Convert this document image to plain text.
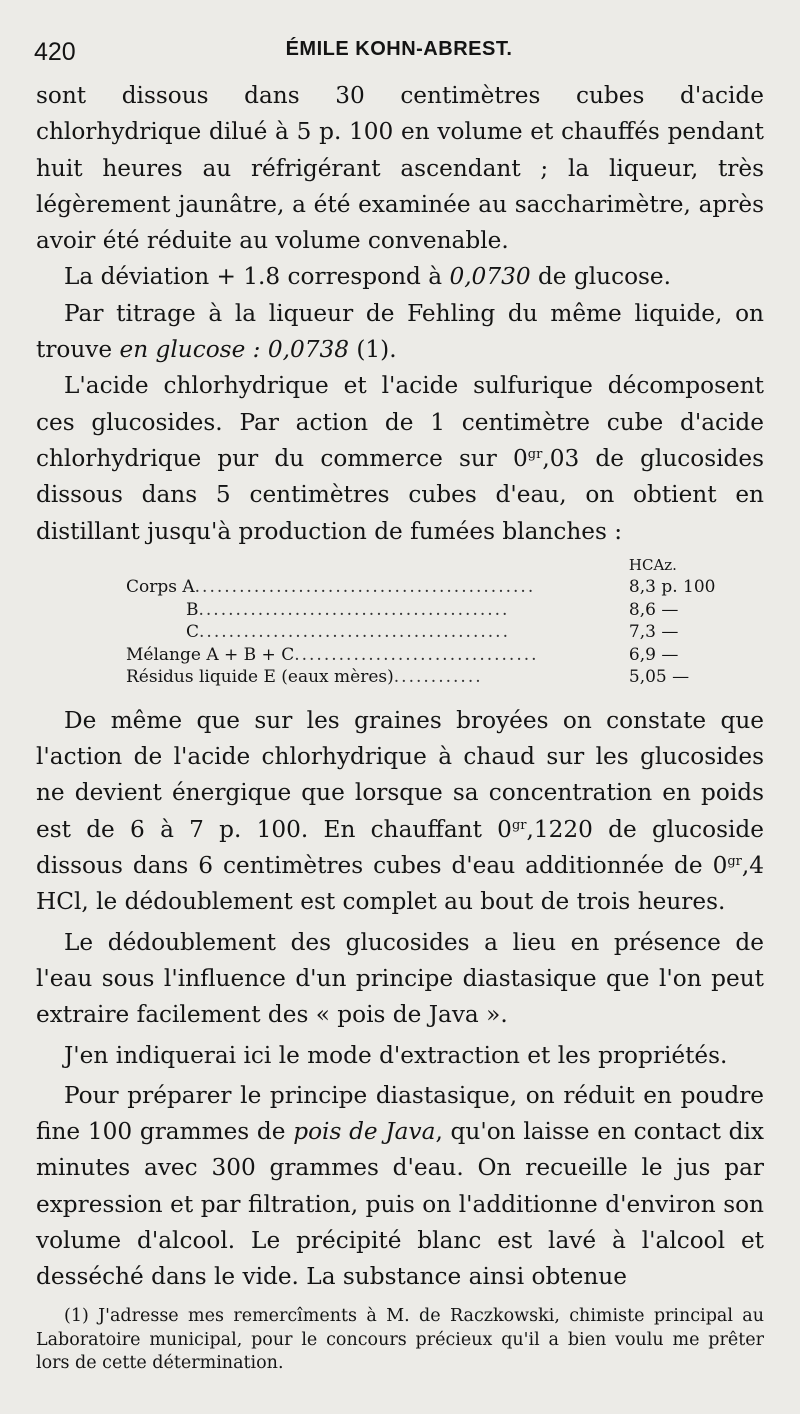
420	ÉMILE KOHN-ABREST.

sont dissous dans 30 centimètres cubes d'acide chlorhydrique dilué à 5 p. 100 en volume et chauffés pendant huit heures au réfrigérant ascendant ; la liqueur, très légèrement jaunâtre, a été examinée au saccharimètre, après avoir été réduite au volume convenable.

La déviation + 1.8 correspond à 0,0730 de glucose.

Par titrage à la liqueur de Fehling du même liquide, on trouve en glucose : 0,0738 (1).

L'acide chlorhydrique et l'acide sulfurique décomposent ces glucosides. Par action de 1 centimètre cube d'acide chlorhydrique pur du commerce sur $0^{gr},03$ de glucosides dissous dans 5 centimètres cubes d'eau, on obtient en distillant jusqu'à production de fumées blanches :

	HCAz.
Corps A..............................................	8,3 p. 100
B..........................................	8,6 —
C..........................................	7,3 —
Mélange A + B + C.................................	6,9 —
Résidus liquide E (eaux mères)............	5,05 —

De même que sur les graines broyées on constate que l'action de l'acide chlorhydrique à chaud sur les glucosides ne devient énergique que lorsque sa concentration en poids est de 6 à 7 p. 100. En chauffant $0^{gr},1220$ de glucoside dissous dans 6 centimètres cubes d'eau additionnée de $0^{gr},4$ HCl, le dédoublement est complet au bout de trois heures.

Le dédoublement des glucosides a lieu en présence de l'eau sous l'influence d'un principe diastasique que l'on peut extraire facilement des « pois de Java ».

J'en indiquerai ici le mode d'extraction et les propriétés.

Pour préparer le principe diastasique, on réduit en poudre fine 100 grammes de pois de Java, qu'on laisse en contact dix minutes avec 300 grammes d'eau. On recueille le jus par expression et par filtration, puis on l'additionne d'environ son volume d'alcool. Le précipité blanc est lavé à l'alcool et desséché dans le vide. La substance ainsi obtenue

(1) J'adresse mes remercîments à M. de Raczkowski, chimiste principal au Laboratoire municipal, pour le concours précieux qu'il a bien voulu me prêter lors de cette détermination.
